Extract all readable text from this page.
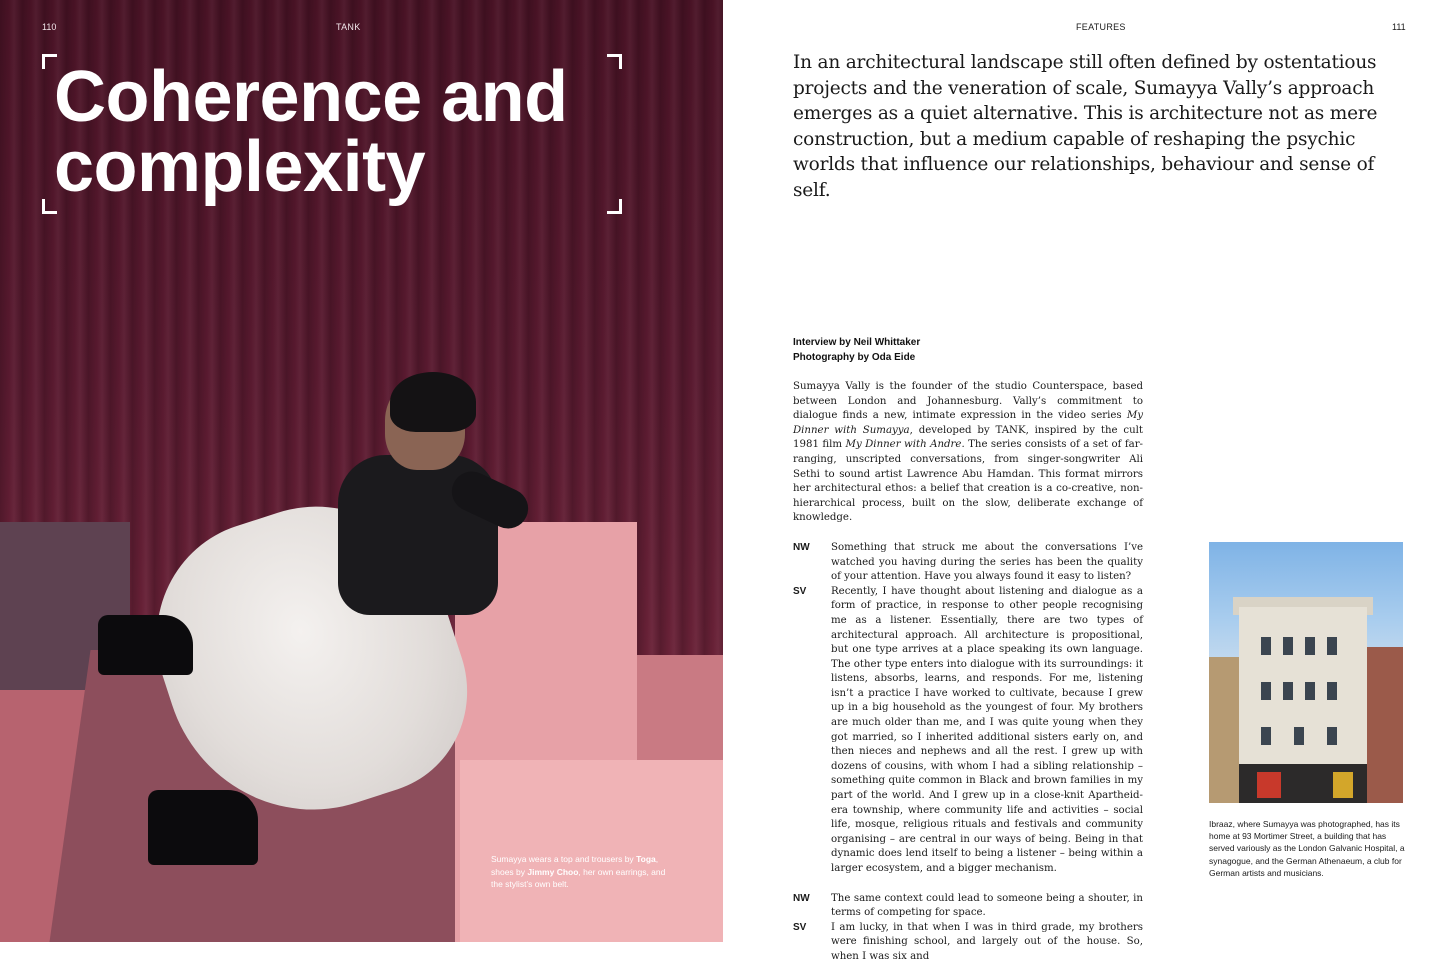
110	TANK
Coherence and
complexity

Sumayya wears a top and trousers by Toga, shoes by Jimmy Choo, her own earrings, and the stylist’s own belt.

FEATURES	111

In an architectural landscape still often defined by ostentatious projects and the veneration of scale, Sumayya Vally’s approach emerges as a quiet alternative. This is architecture not as mere construction, but a medium capable of reshaping the psychic worlds that influence our relationships, behaviour and sense of self.

Interview by Neil Whittaker
Photography by Oda Eide

Sumayya Vally is the founder of the studio Counterspace, based between London and Johannesburg. Vally’s commitment to dialogue finds a new, intimate expression in the video series My Dinner with Sumayya, developed by TANK, inspired by the cult 1981 film My Dinner with Andre. The series consists of a set of far-ranging, unscripted conversations, from singer-songwriter Ali Sethi to sound artist Lawrence Abu Hamdan. This format mirrors her architectural ethos: a belief that creation is a co-creative, non-hierarchical process, built on the slow, deliberate exchange of knowledge.

NW	Something that struck me about the conversations I’ve watched you having during the series has been the quality of your attention. Have you always found it easy to listen?
SV	Recently, I have thought about listening and dialogue as a form of practice, in response to other people recognising me as a listener. Essentially, there are two types of architectural approach. All architecture is propositional, but one type arrives at a place speaking its own language. The other type enters into dialogue with its surroundings: it listens, absorbs, learns, and responds. For me, listening isn’t a practice I have worked to cultivate, because I grew up in a big household as the youngest of four. My brothers are much older than me, and I was quite young when they got married, so I inherited additional sisters early on, and then nieces and nephews and all the rest. I grew up with dozens of cousins, with whom I had a sibling relationship – something quite common in Black and brown families in my part of the world. And I grew up in a close-knit Apartheid-era township, where community life and activities – social life, mosque, religious rituals and festivals and community organising – are central in our ways of being. Being in that dynamic does lend itself to being a listener – being within a larger ecosystem, and a bigger mechanism.
NW	The same context could lead to someone being a shouter, in terms of competing for space.
SV	I am lucky, in that when I was in third grade, my brothers were finishing school, and largely out of the house. So, when I was six and

Ibraaz, where Sumayya was photographed, has its home at 93 Mortimer Street, a building that has served variously as the London Galvanic Hospital, a synagogue, and the German Athenaeum, a club for German artists and musicians.
